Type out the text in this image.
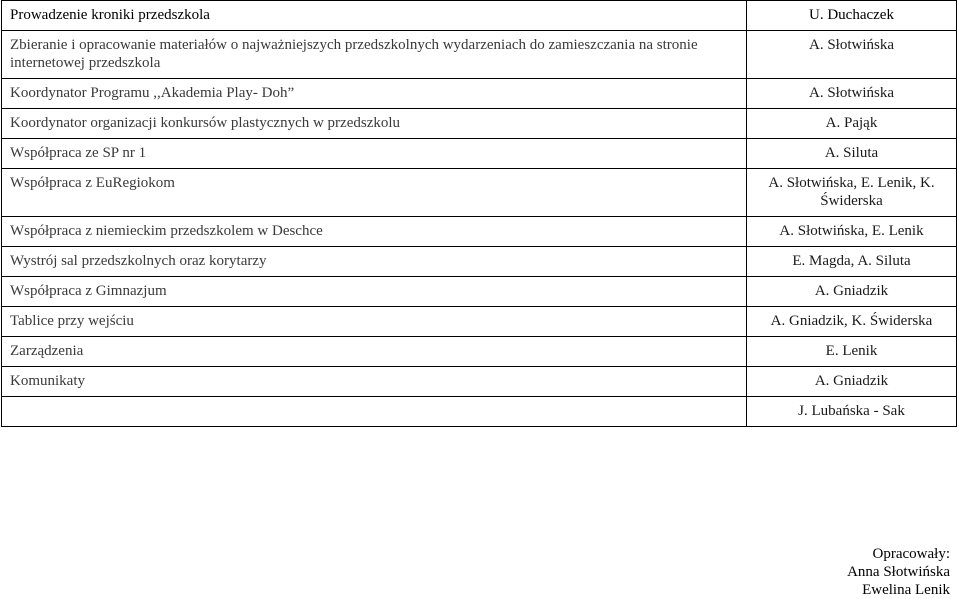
Prowadzenie kroniki przedszkola	U. Duchaczek
Zbieranie i opracowanie materiałów o najważniejszych przedszkolnych wydarzeniach do zamieszczania na stronie internetowej przedszkola	A. Słotwińska
Koordynator Programu ,,Akademia Play- Doh”	A. Słotwińska
Koordynator organizacji konkursów plastycznych w przedszkolu	A. Pająk
Współpraca ze SP nr 1	A. Siluta
Współpraca z EuRegiokom	A. Słotwińska, E. Lenik, K. Świderska
Współpraca z niemieckim przedszkolem w Deschce	A. Słotwińska, E. Lenik
Wystrój sal przedszkolnych oraz korytarzy	E. Magda, A. Siluta
Współpraca z Gimnazjum	A. Gniadzik
Tablice przy wejściu	A. Gniadzik, K. Świderska
Zarządzenia	E. Lenik
Komunikaty	A. Gniadzik
	J. Lubańska - Sak
Opracowały:
Anna Słotwińska
Ewelina Lenik
